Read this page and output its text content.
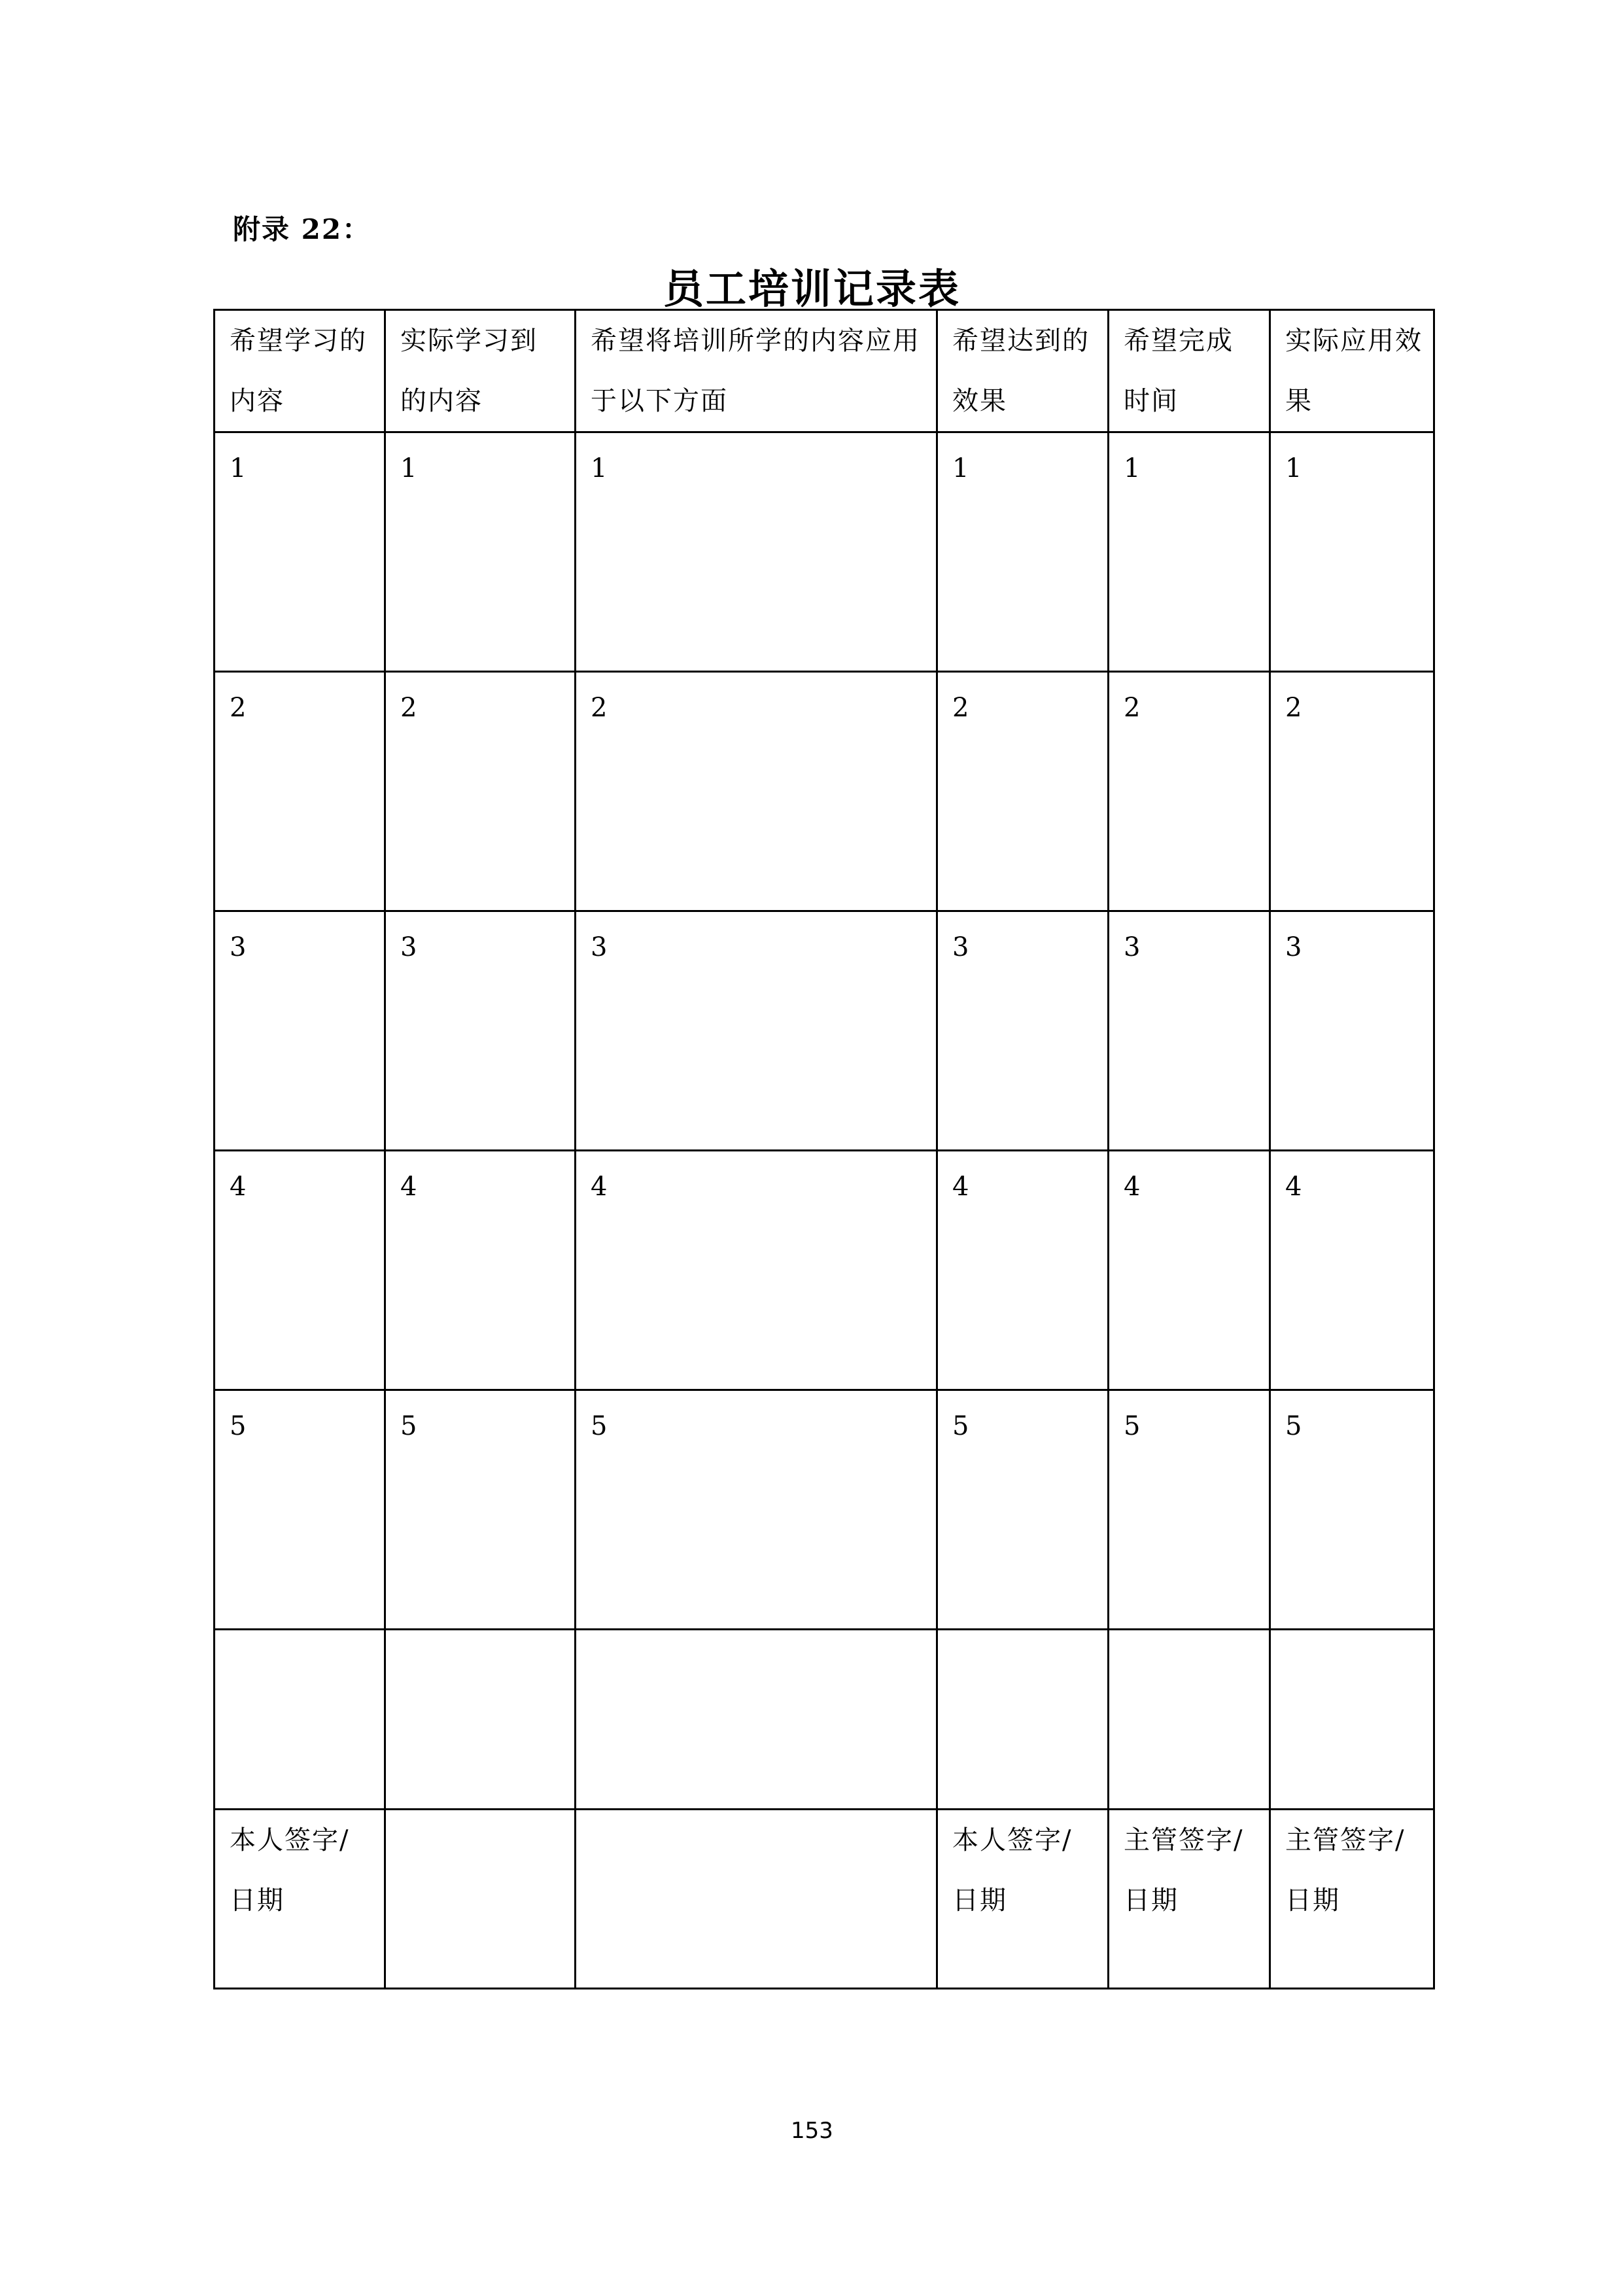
附录 22：
员工培训记录表
希望学习的内容	实际学习到的内容	希望将培训所学的内容应用于以下方面	希望达到的效果	希望完成时间	实际应用效果
1	1	1	1	1	1
2	2	2	2	2	2
3	3	3	3	3	3
4	4	4	4	4	4
5	5	5	5	5	5

本人签字/日期			本人签字/日期	主管签字/日期	主管签字/日期
153
